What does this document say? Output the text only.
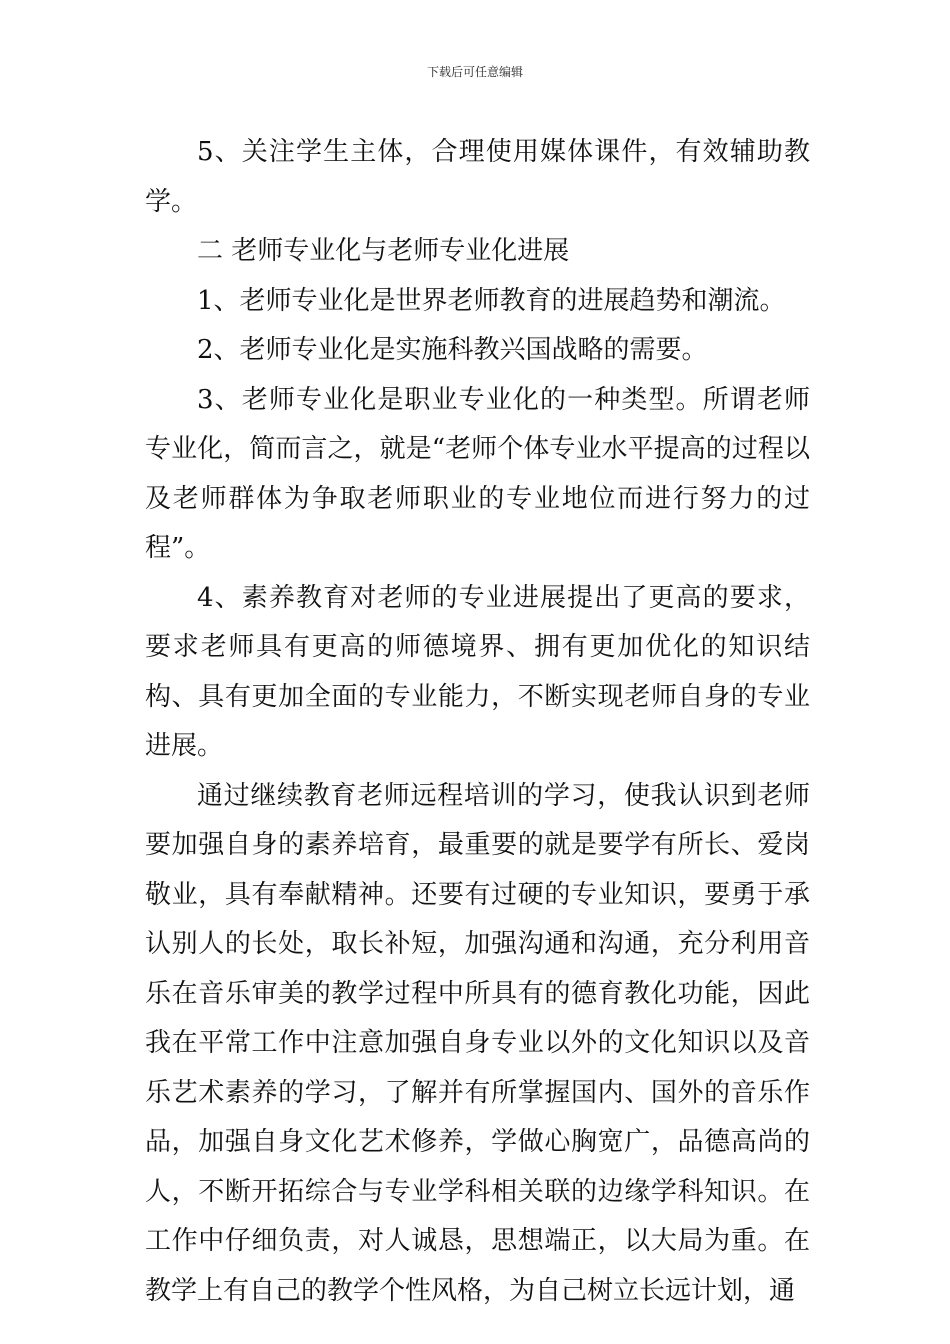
下载后可任意编辑

5、关注学生主体，合理使用媒体课件，有效辅助教学。

二 老师专业化与老师专业化进展

1、老师专业化是世界老师教育的进展趋势和潮流。

2、老师专业化是实施科教兴国战略的需要。

3、老师专业化是职业专业化的一种类型。所谓老师专业化，简而言之，就是“老师个体专业水平提高的过程以及老师群体为争取老师职业的专业地位而进行努力的过程”。

4、素养教育对老师的专业进展提出了更高的要求，要求老师具有更高的师德境界、拥有更加优化的知识结构、具有更加全面的专业能力，不断实现老师自身的专业进展。

通过继续教育老师远程培训的学习，使我认识到老师要加强自身的素养培育，最重要的就是要学有所长、爱岗敬业，具有奉献精神。还要有过硬的专业知识，要勇于承认别人的长处，取长补短，加强沟通和沟通，充分利用音乐在音乐审美的教学过程中所具有的德育教化功能，因此我在平常工作中注意加强自身专业以外的文化知识以及音乐艺术素养的学习，了解并有所掌握国内、国外的音乐作品，加强自身文化艺术修养，学做心胸宽广，品德高尚的人，不断开拓综合与专业学科相关联的边缘学科知识。在工作中仔细负责，对人诚恳，思想端正，以大局为重。在教学上有自己的教学个性风格，为自己树立长远计划，通
